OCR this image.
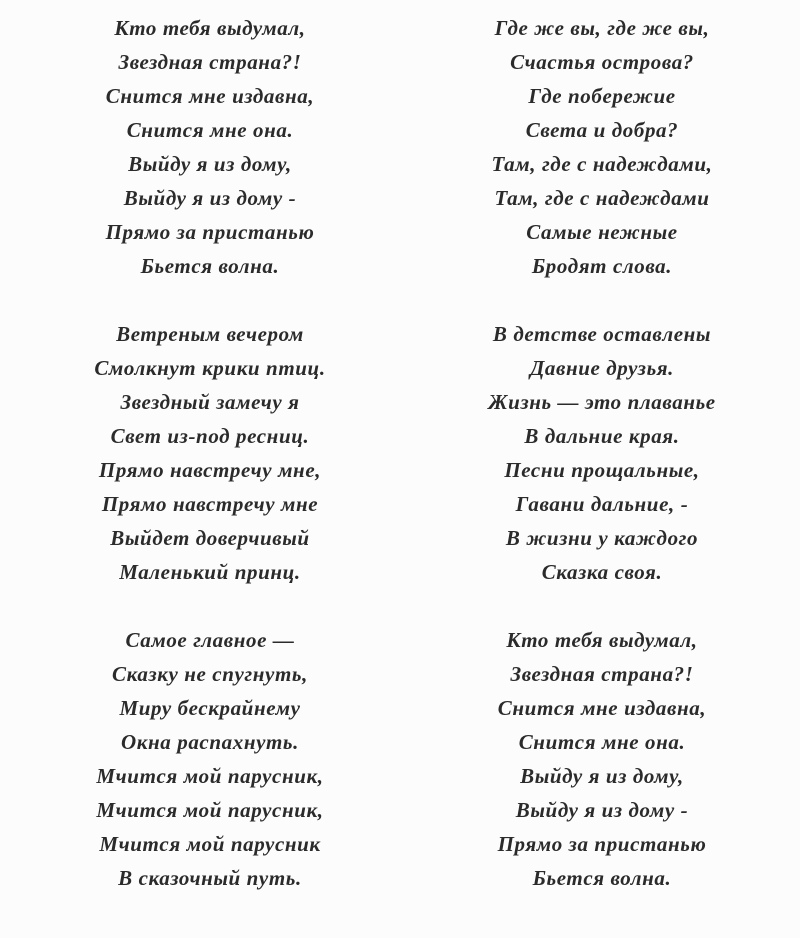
Кто тебя выдумал,
Звездная страна?!
Снится мне издавна,
Снится мне она.
Выйду я из дому,
Выйду я из дому -
Прямо за пристанью
Бьется волна.
Ветреным вечером
Смолкнут крики птиц.
Звездный замечу я
Свет из-под ресниц.
Прямо навстречу мне,
Прямо навстречу мне
Выйдет доверчивый
Маленький принц.
Самое главное —
Сказку не спугнуть,
Миру бескрайнему
Окна распахнуть.
Мчится мой парусник,
Мчится мой парусник,
Мчится мой парусник
В сказочный путь.
Где же вы, где же вы,
Счастья острова?
Где побережие
Света и добра?
Там, где с надеждами,
Там, где с надеждами
Самые нежные
Бродят слова.
В детстве оставлены
Давние друзья.
Жизнь — это плаванье
В дальние края.
Песни прощальные,
Гавани дальние, -
В жизни у каждого
Сказка своя.
Кто тебя выдумал,
Звездная страна?!
Снится мне издавна,
Снится мне она.
Выйду я из дому,
Выйду я из дому -
Прямо за пристанью
Бьется волна.
